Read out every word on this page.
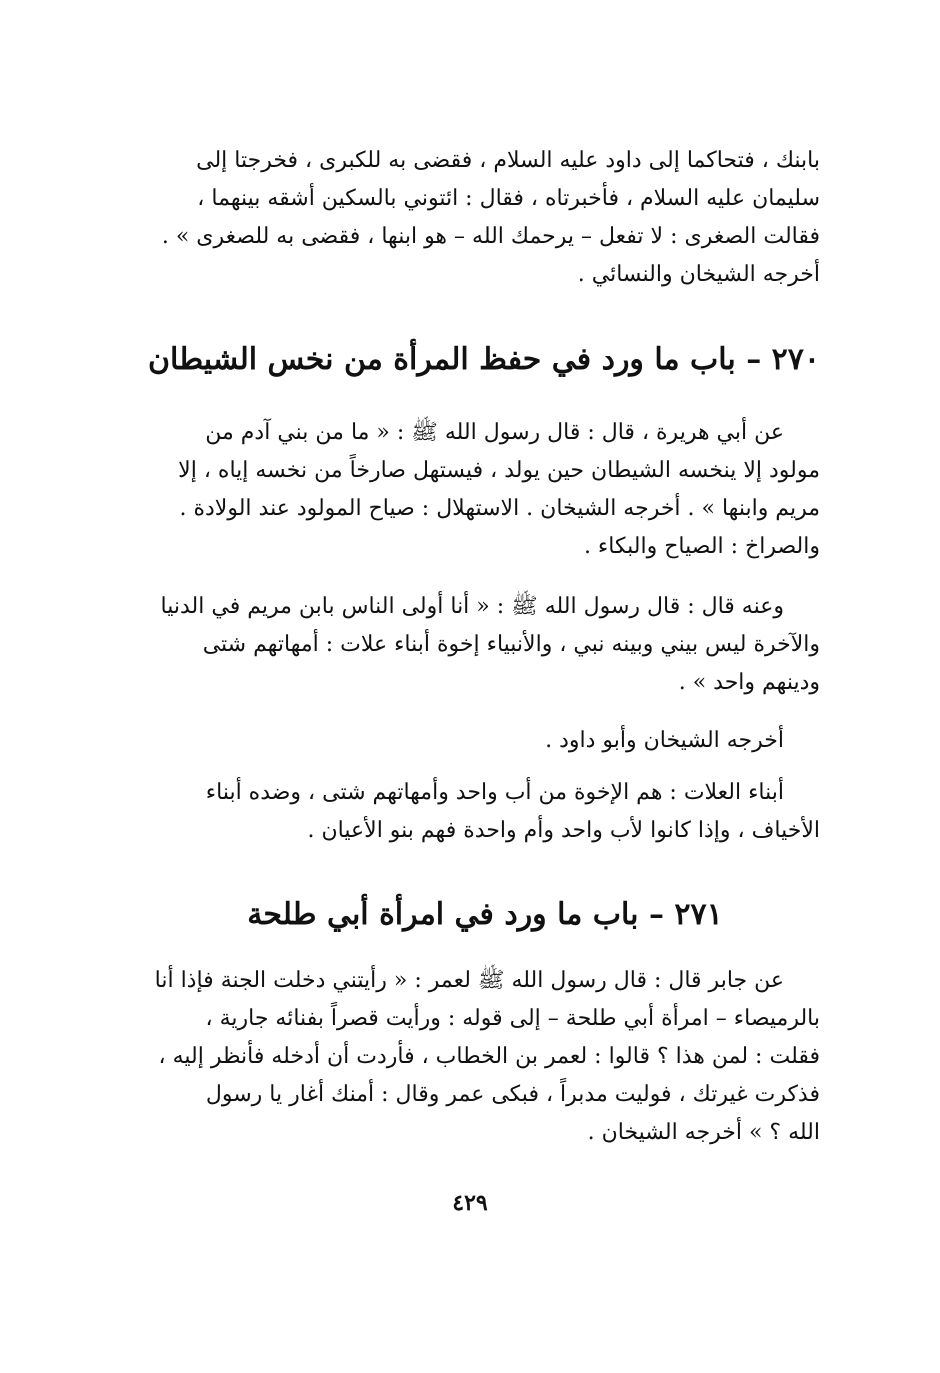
بابنك ، فتحاكما إلى داود عليه السلام ، فقضى به للكبرى ، فخرجتا إلى
سليمان عليه السلام ، فأخبرتاه ، فقال : ائتوني بالسكين أشقه بينهما ،
فقالت الصغرى : لا تفعل – يرحمك الله – هو ابنها ، فقضى به للصغرى » .
أخرجه الشيخان والنسائي .
٢٧٠ – باب ما ورد في حفظ المرأة من نخس الشيطان
عن أبي هريرة ، قال : قال رسول الله ﷺ : « ما من بني آدم من
مولود إلا ينخسه الشيطان حين يولد ، فيستهل صارخاً من نخسه إياه ، إلا
مريم وابنها » . أخرجه الشيخان . الاستهلال : صياح المولود عند الولادة .
والصراخ : الصياح والبكاء .
وعنه قال : قال رسول الله ﷺ : « أنا أولى الناس بابن مريم في الدنيا
والآخرة ليس بيني وبينه نبي ، والأنبياء إخوة أبناء علات : أمهاتهم شتى
ودينهم واحد » .
أخرجه الشيخان وأبو داود .
أبناء العلات : هم الإخوة من أب واحد وأمهاتهم شتى ، وضده أبناء
الأخياف ، وإذا كانوا لأب واحد وأم واحدة فهم بنو الأعيان .
٢٧١ – باب ما ورد في امرأة أبي طلحة
عن جابر قال : قال رسول الله ﷺ لعمر : « رأيتني دخلت الجنة فإذا أنا
بالرميصاء – امرأة أبي طلحة – إلى قوله : ورأيت قصراً بفنائه جارية ،
فقلت : لمن هذا ؟ قالوا : لعمر بن الخطاب ، فأردت أن أدخله فأنظر إليه ،
فذكرت غيرتك ، فوليت مدبراً ، فبكى عمر وقال : أمنك أغار يا رسول
الله ؟ » أخرجه الشيخان .
٤٢٩
